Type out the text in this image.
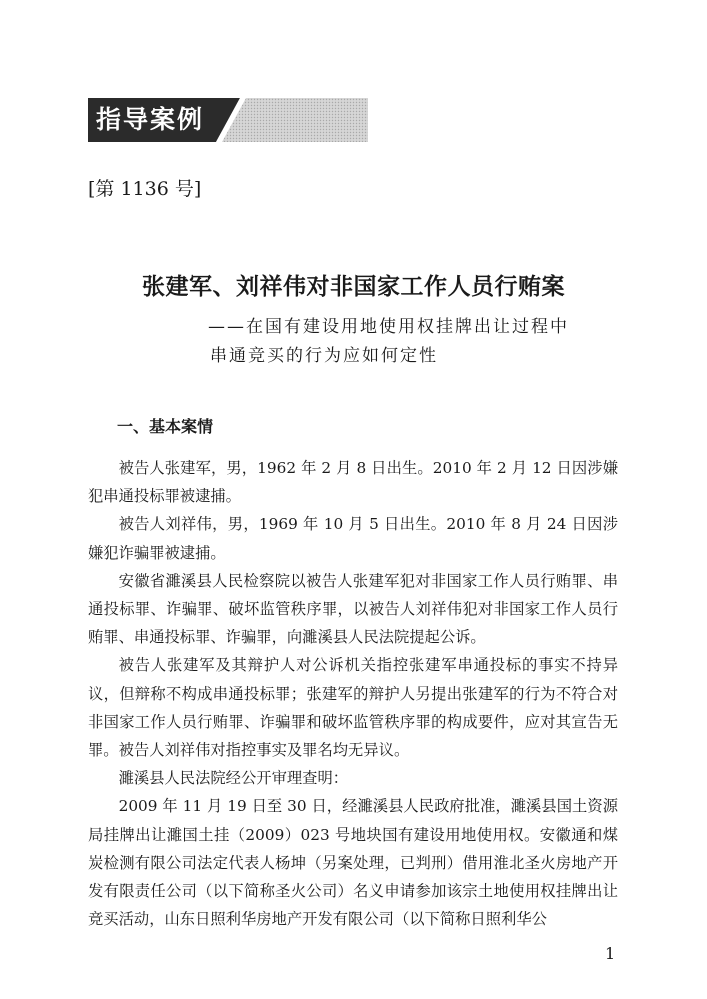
指导案例
[第 1136 号]
张建军、刘祥伟对非国家工作人员行贿案
——在国有建设用地使用权挂牌出让过程中
串通竞买的行为应如何定性
一、基本案情

被告人张建军，男，1962 年 2 月 8 日出生。2010 年 2 月 12 日因涉嫌犯串通投标罪被逮捕。

被告人刘祥伟，男，1969 年 10 月 5 日出生。2010 年 8 月 24 日因涉嫌犯诈骗罪被逮捕。

安徽省濉溪县人民检察院以被告人张建军犯对非国家工作人员行贿罪、串通投标罪、诈骗罪、破坏监管秩序罪，以被告人刘祥伟犯对非国家工作人员行贿罪、串通投标罪、诈骗罪，向濉溪县人民法院提起公诉。

被告人张建军及其辩护人对公诉机关指控张建军串通投标的事实不持异议，但辩称不构成串通投标罪；张建军的辩护人另提出张建军的行为不符合对非国家工作人员行贿罪、诈骗罪和破坏监管秩序罪的构成要件，应对其宣告无罪。被告人刘祥伟对指控事实及罪名均无异议。

濉溪县人民法院经公开审理查明：

2009 年 11 月 19 日至 30 日，经濉溪县人民政府批准，濉溪县国土资源局挂牌出让濉国土挂（2009）023 号地块国有建设用地使用权。安徽通和煤炭检测有限公司法定代表人杨坤（另案处理，已判刑）借用淮北圣火房地产开发有限责任公司（以下简称圣火公司）名义申请参加该宗土地使用权挂牌出让竞买活动，山东日照利华房地产开发有限公司（以下简称日照利华公

1
